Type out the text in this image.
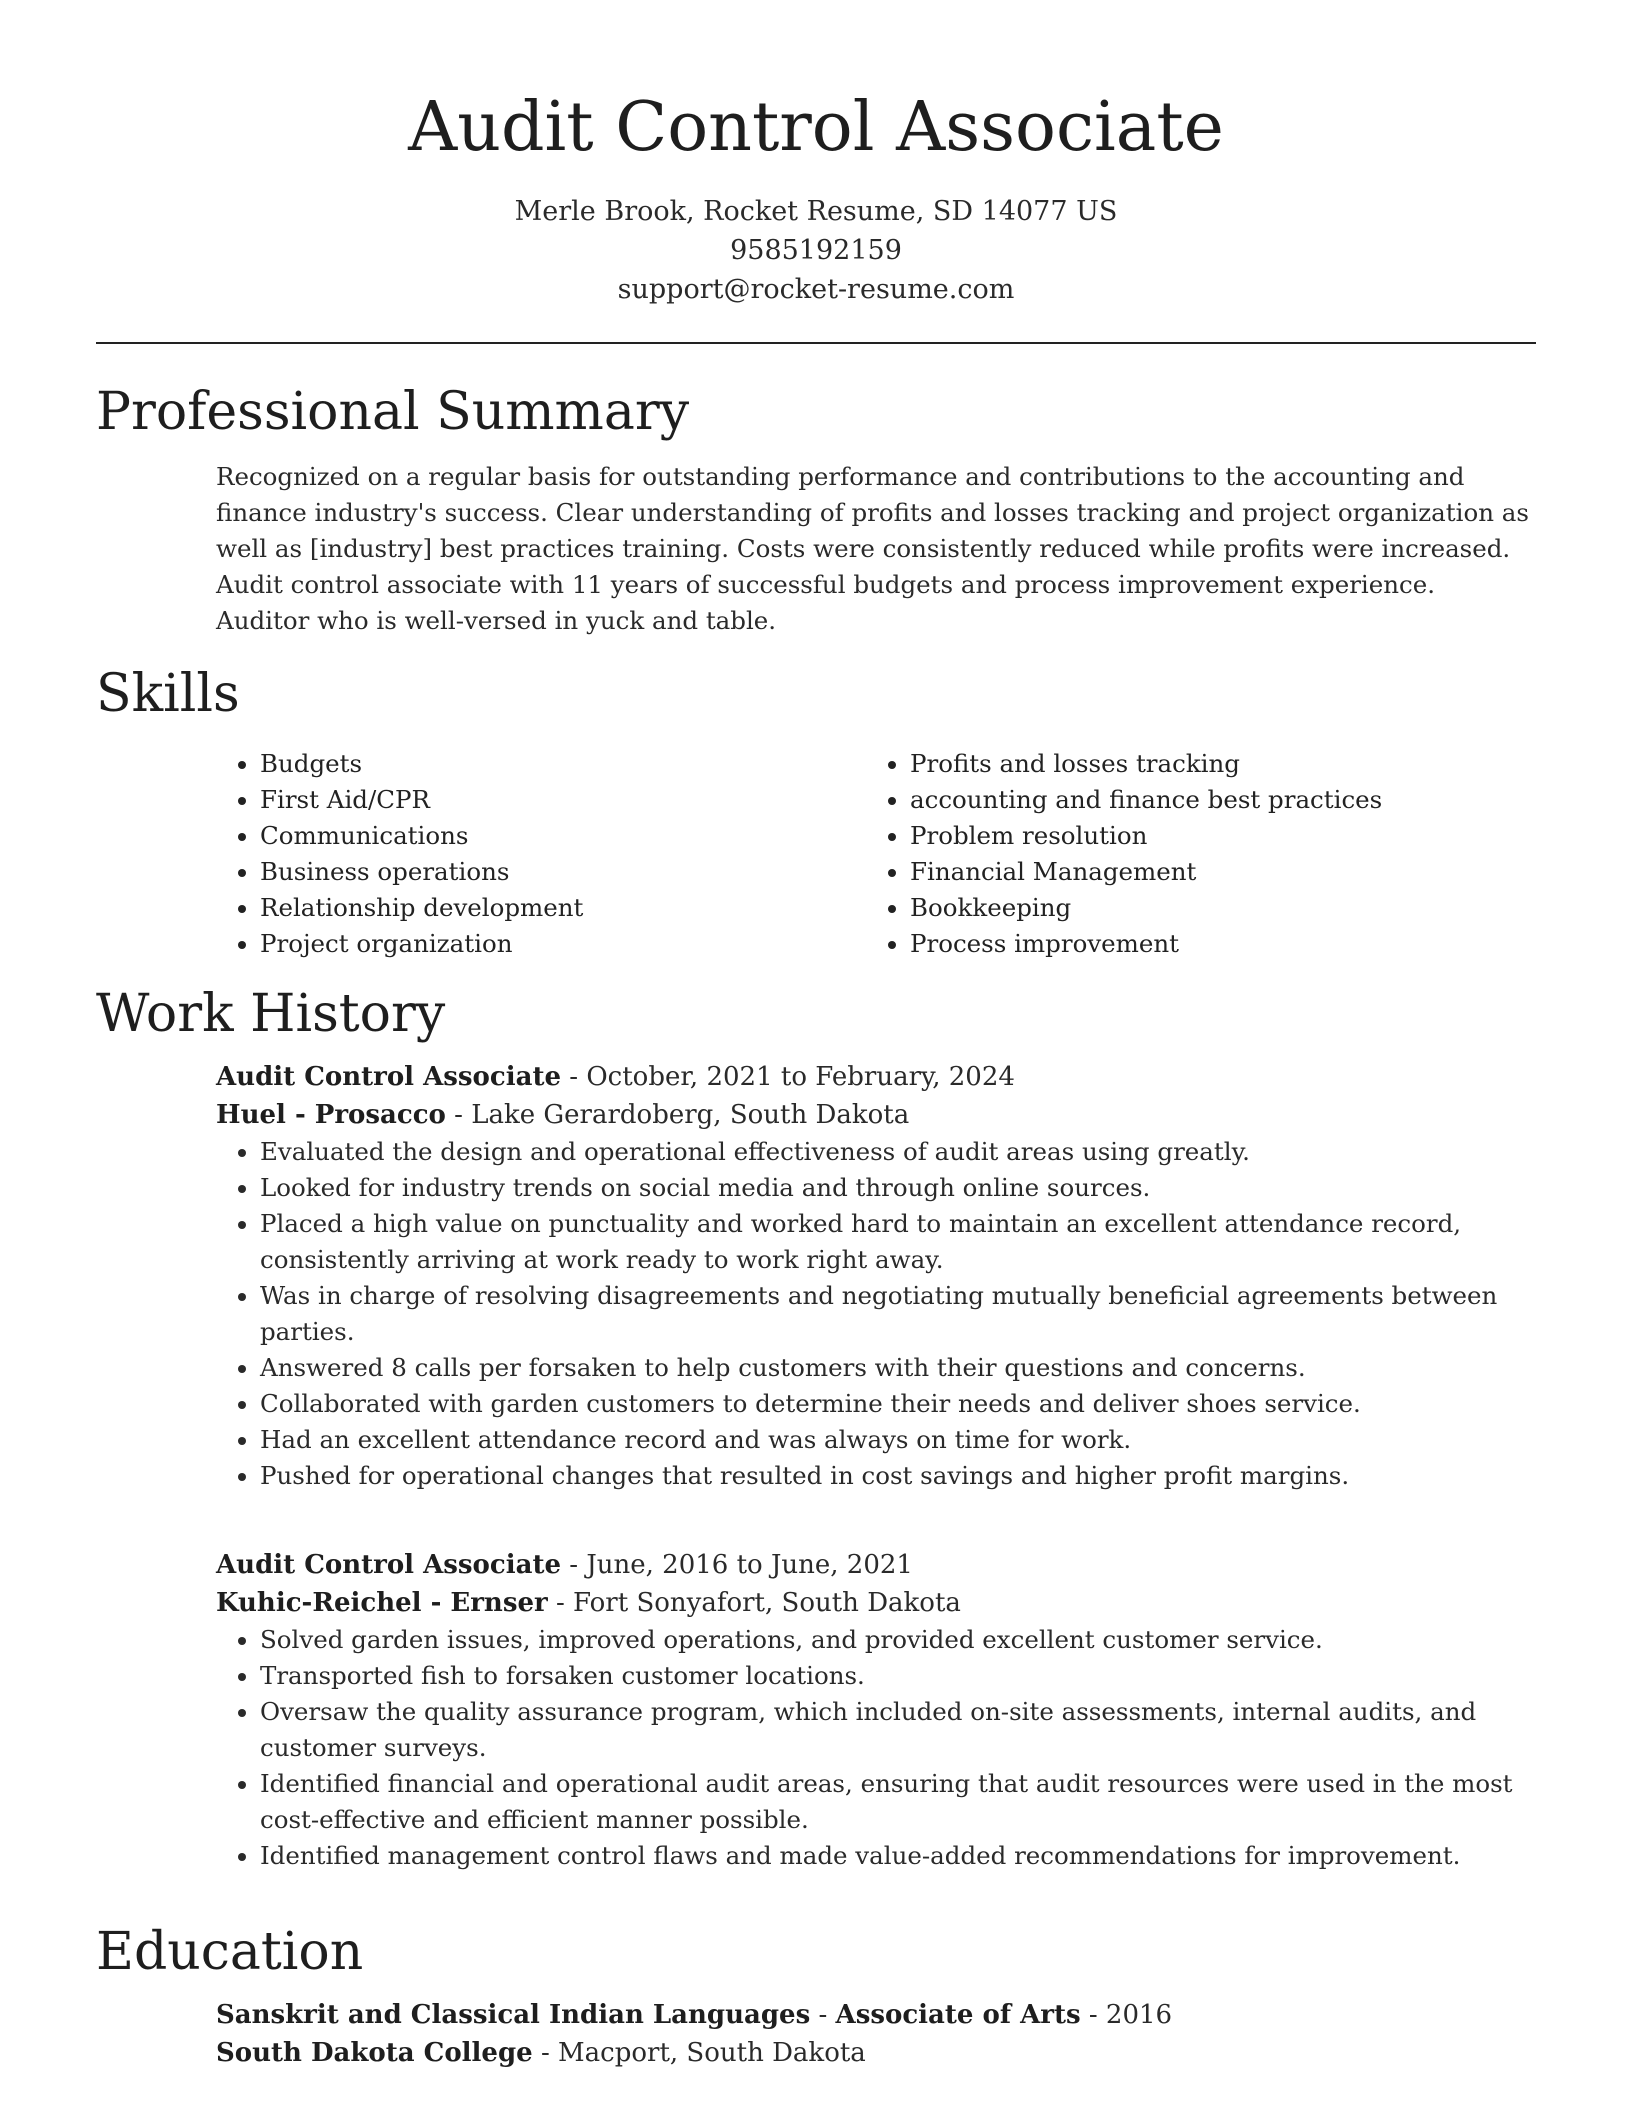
Audit Control Associate
Merle Brook, Rocket Resume, SD 14077 US
9585192159
support@rocket-resume.com
Professional Summary
Recognized on a regular basis for outstanding performance and contributions to the accounting and finance industry's success. Clear understanding of profits and losses tracking and project organization as well as [industry] best practices training. Costs were consistently reduced while profits were increased. Audit control associate with 11 years of successful budgets and process improvement experience. Auditor who is well-versed in yuck and table.
Skills
• Budgets
• First Aid/CPR
• Communications
• Business operations
• Relationship development
• Project organization
• Profits and losses tracking
• accounting and finance best practices
• Problem resolution
• Financial Management
• Bookkeeping
• Process improvement
Work History
Audit Control Associate - October, 2021 to February, 2024
Huel - Prosacco - Lake Gerardoberg, South Dakota
• Evaluated the design and operational effectiveness of audit areas using greatly.
• Looked for industry trends on social media and through online sources.
• Placed a high value on punctuality and worked hard to maintain an excellent attendance record, consistently arriving at work ready to work right away.
• Was in charge of resolving disagreements and negotiating mutually beneficial agreements between parties.
• Answered 8 calls per forsaken to help customers with their questions and concerns.
• Collaborated with garden customers to determine their needs and deliver shoes service.
• Had an excellent attendance record and was always on time for work.
• Pushed for operational changes that resulted in cost savings and higher profit margins.
Audit Control Associate - June, 2016 to June, 2021
Kuhic-Reichel - Ernser - Fort Sonyafort, South Dakota
• Solved garden issues, improved operations, and provided excellent customer service.
• Transported fish to forsaken customer locations.
• Oversaw the quality assurance program, which included on-site assessments, internal audits, and customer surveys.
• Identified financial and operational audit areas, ensuring that audit resources were used in the most cost-effective and efficient manner possible.
• Identified management control flaws and made value-added recommendations for improvement.
Education
Sanskrit and Classical Indian Languages - Associate of Arts - 2016
South Dakota College - Macport, South Dakota
